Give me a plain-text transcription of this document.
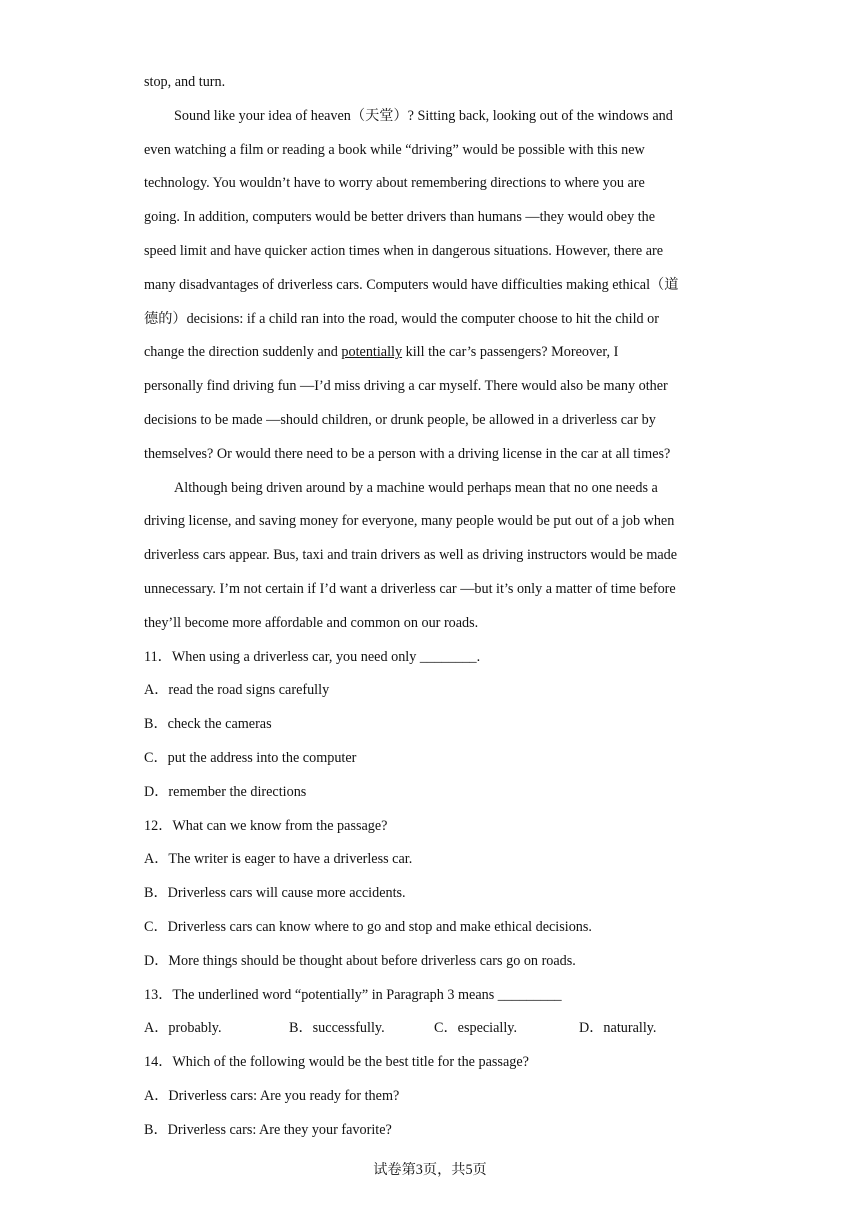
stop, and turn.
Sound like your idea of heaven（天堂）? Sitting back, looking out of the windows and
even watching a film or reading a book while “driving” would be possible with this new
technology. You wouldn’t have to worry about remembering directions to where you are
going. In addition, computers would be better drivers than humans —they would obey the
speed limit and have quicker action times when in dangerous situations. However, there are
many disadvantages of driverless cars. Computers would have difficulties making ethical（道
德的）decisions: if a child ran into the road, would the computer choose to hit the child or
change the direction suddenly and potentially kill the car’s passengers? Moreover, I
personally find driving fun —I’d miss driving a car myself. There would also be many other
decisions to be made —should children, or drunk people, be allowed in a driverless car by
themselves? Or would there need to be a person with a driving license in the car at all times?
Although being driven around by a machine would perhaps mean that no one needs a
driving license, and saving money for everyone, many people would be put out of a job when
driverless cars appear. Bus, taxi and train drivers as well as driving instructors would be made
unnecessary. I’m not certain if I’d want a driverless car —but it’s only a matter of time before
they’ll become more affordable and common on our roads.
11．When using a driverless car, you need only ________.
A．read the road signs carefully
B．check the cameras
C．put the address into the computer
D．remember the directions
12．What can we know from the passage?
A．The writer is eager to have a driverless car.
B．Driverless cars will cause more accidents.
C．Driverless cars can know where to go and stop and make ethical decisions.
D．More things should be thought about before driverless cars go on roads.
13．The underlined word “potentially” in Paragraph 3 means _________
A．probably.	B．successfully.	C．especially.	D．naturally.
14．Which of the following would be the best title for the passage?
A．Driverless cars: Are you ready for them?
B．Driverless cars: Are they your favorite?
试卷第3页，共5页
